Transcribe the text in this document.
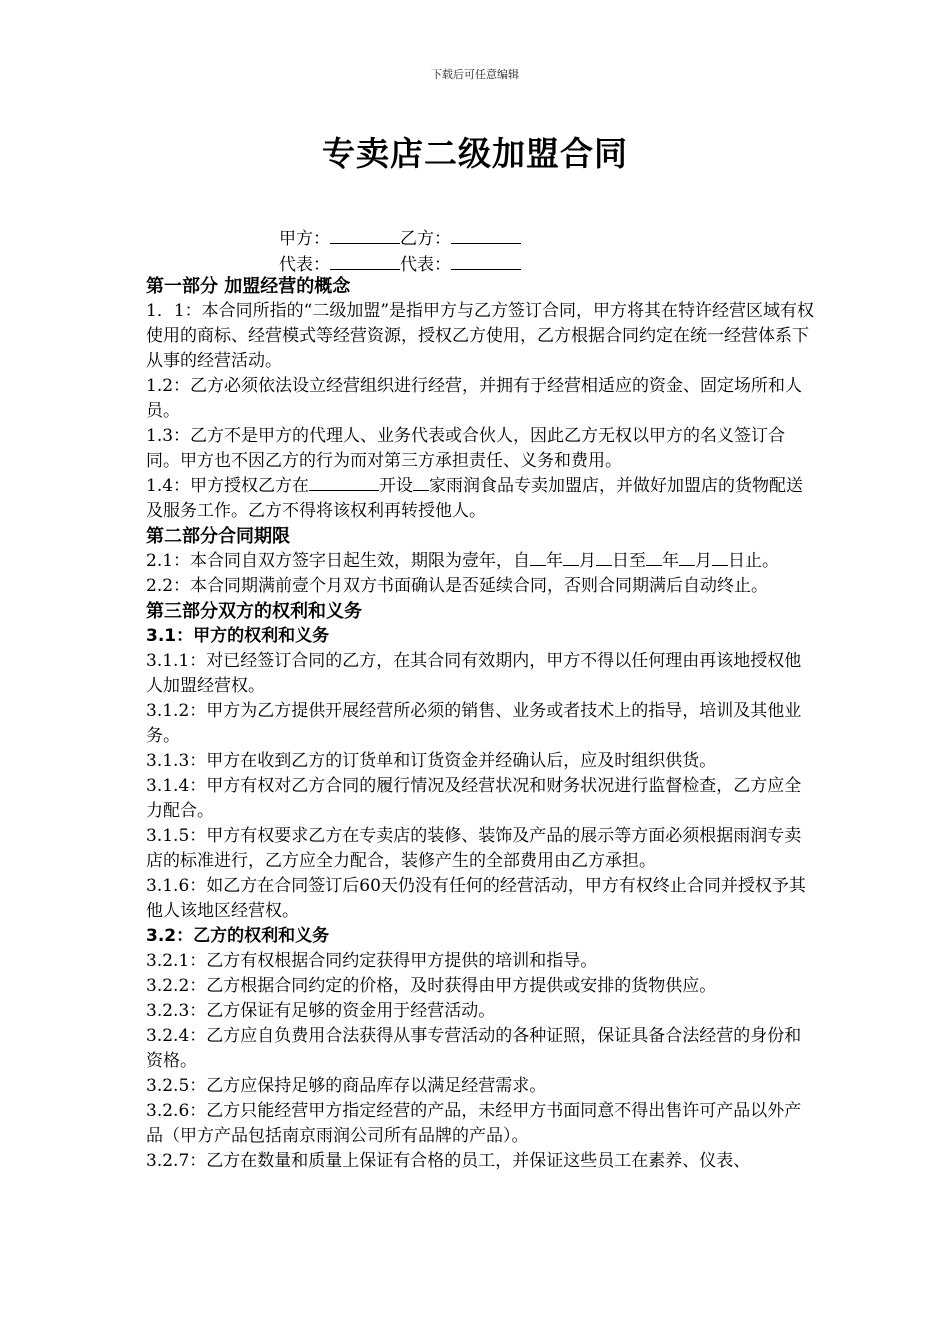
下载后可任意编辑
专卖店二级加盟合同
甲方：	乙方：
代表：	代表：

第一部分 加盟经营的概念

1．1：本合同所指的“二级加盟”是指甲方与乙方签订合同，甲方将其在特许经营区域有权使用的商标、经营模式等经营资源，授权乙方使用，乙方根据合同约定在统一经营体系下从事的经营活动。

1.2：乙方必须依法设立经营组织进行经营，并拥有于经营相适应的资金、固定场所和人员。

1.3：乙方不是甲方的代理人、业务代表或合伙人，因此乙方无权以甲方的名义签订合同。甲方也不因乙方的行为而对第三方承担责任、义务和费用。

1.4：甲方授权乙方在	开设 家雨润食品专卖加盟店，并做好加盟店的货物配送及服务工作。乙方不得将该权利再转授他人。

第二部分合同期限

2.1：本合同自双方签字日起生效，期限为壹年，自 年 月 日至 年 月 日止。

2.2：本合同期满前壹个月双方书面确认是否延续合同，否则合同期满后自动终止。

第三部分双方的权利和义务

3.1：甲方的权利和义务

3.1.1：对已经签订合同的乙方，在其合同有效期内，甲方不得以任何理由再该地授权他人加盟经营权。

3.1.2：甲方为乙方提供开展经营所必须的销售、业务或者技术上的指导，培训及其他业务。

3.1.3：甲方在收到乙方的订货单和订货资金并经确认后，应及时组织供货。

3.1.4：甲方有权对乙方合同的履行情况及经营状况和财务状况进行监督检查，乙方应全力配合。

3.1.5：甲方有权要求乙方在专卖店的装修、装饰及产品的展示等方面必须根据雨润专卖店的标准进行，乙方应全力配合，装修产生的全部费用由乙方承担。

3.1.6：如乙方在合同签订后60天仍没有任何的经营活动，甲方有权终止合同并授权予其他人该地区经营权。

3.2：乙方的权利和义务

3.2.1：乙方有权根据合同约定获得甲方提供的培训和指导。

3.2.2：乙方根据合同约定的价格，及时获得由甲方提供或安排的货物供应。

3.2.3：乙方保证有足够的资金用于经营活动。

3.2.4：乙方应自负费用合法获得从事专营活动的各种证照，保证具备合法经营的身份和资格。

3.2.5：乙方应保持足够的商品库存以满足经营需求。

3.2.6：乙方只能经营甲方指定经营的产品，未经甲方书面同意不得出售许可产品以外产品（甲方产品包括南京雨润公司所有品牌的产品）。

3.2.7：乙方在数量和质量上保证有合格的员工，并保证这些员工在素养、仪表、
